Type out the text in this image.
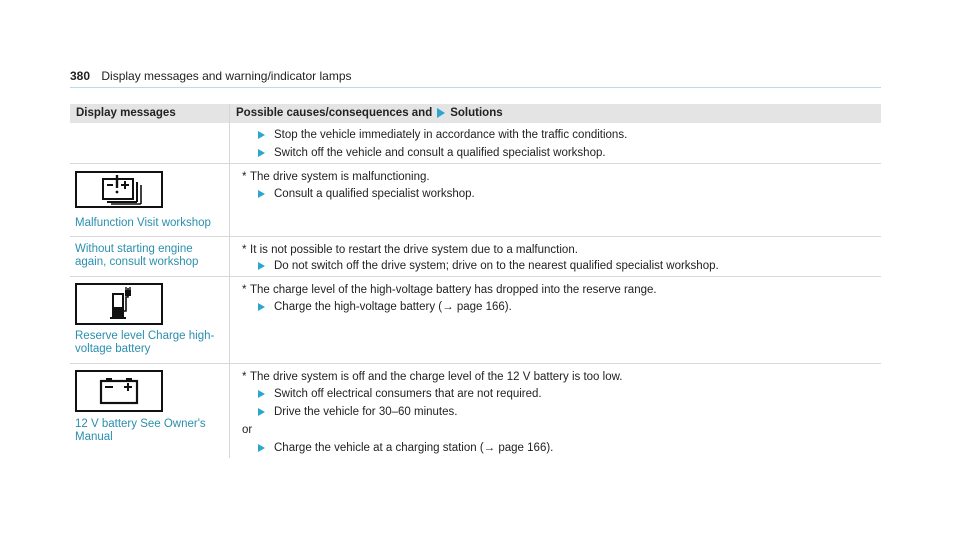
380 Display messages and warning/indicator lamps
Display messages	Possible causes/consequences and Solutions
Stop the vehicle immediately in accordance with the traffic conditions.
Switch off the vehicle and consult a qualified specialist workshop.
Malfunction Visit workshop
* The drive system is malfunctioning.
Consult a qualified specialist workshop.
Without starting engine
again, consult workshop
* It is not possible to restart the drive system due to a malfunction.
Do not switch off the drive system; drive on to the nearest qualified specialist workshop.
Reserve level Charge high-
voltage battery
* The charge level of the high-voltage battery has dropped into the reserve range.
Charge the high-voltage battery (→ page 166).
12 V battery See Owner's
Manual
* The drive system is off and the charge level of the 12 V battery is too low.
Switch off electrical consumers that are not required.
Drive the vehicle for 30–60 minutes.
or
Charge the vehicle at a charging station (→ page 166).
